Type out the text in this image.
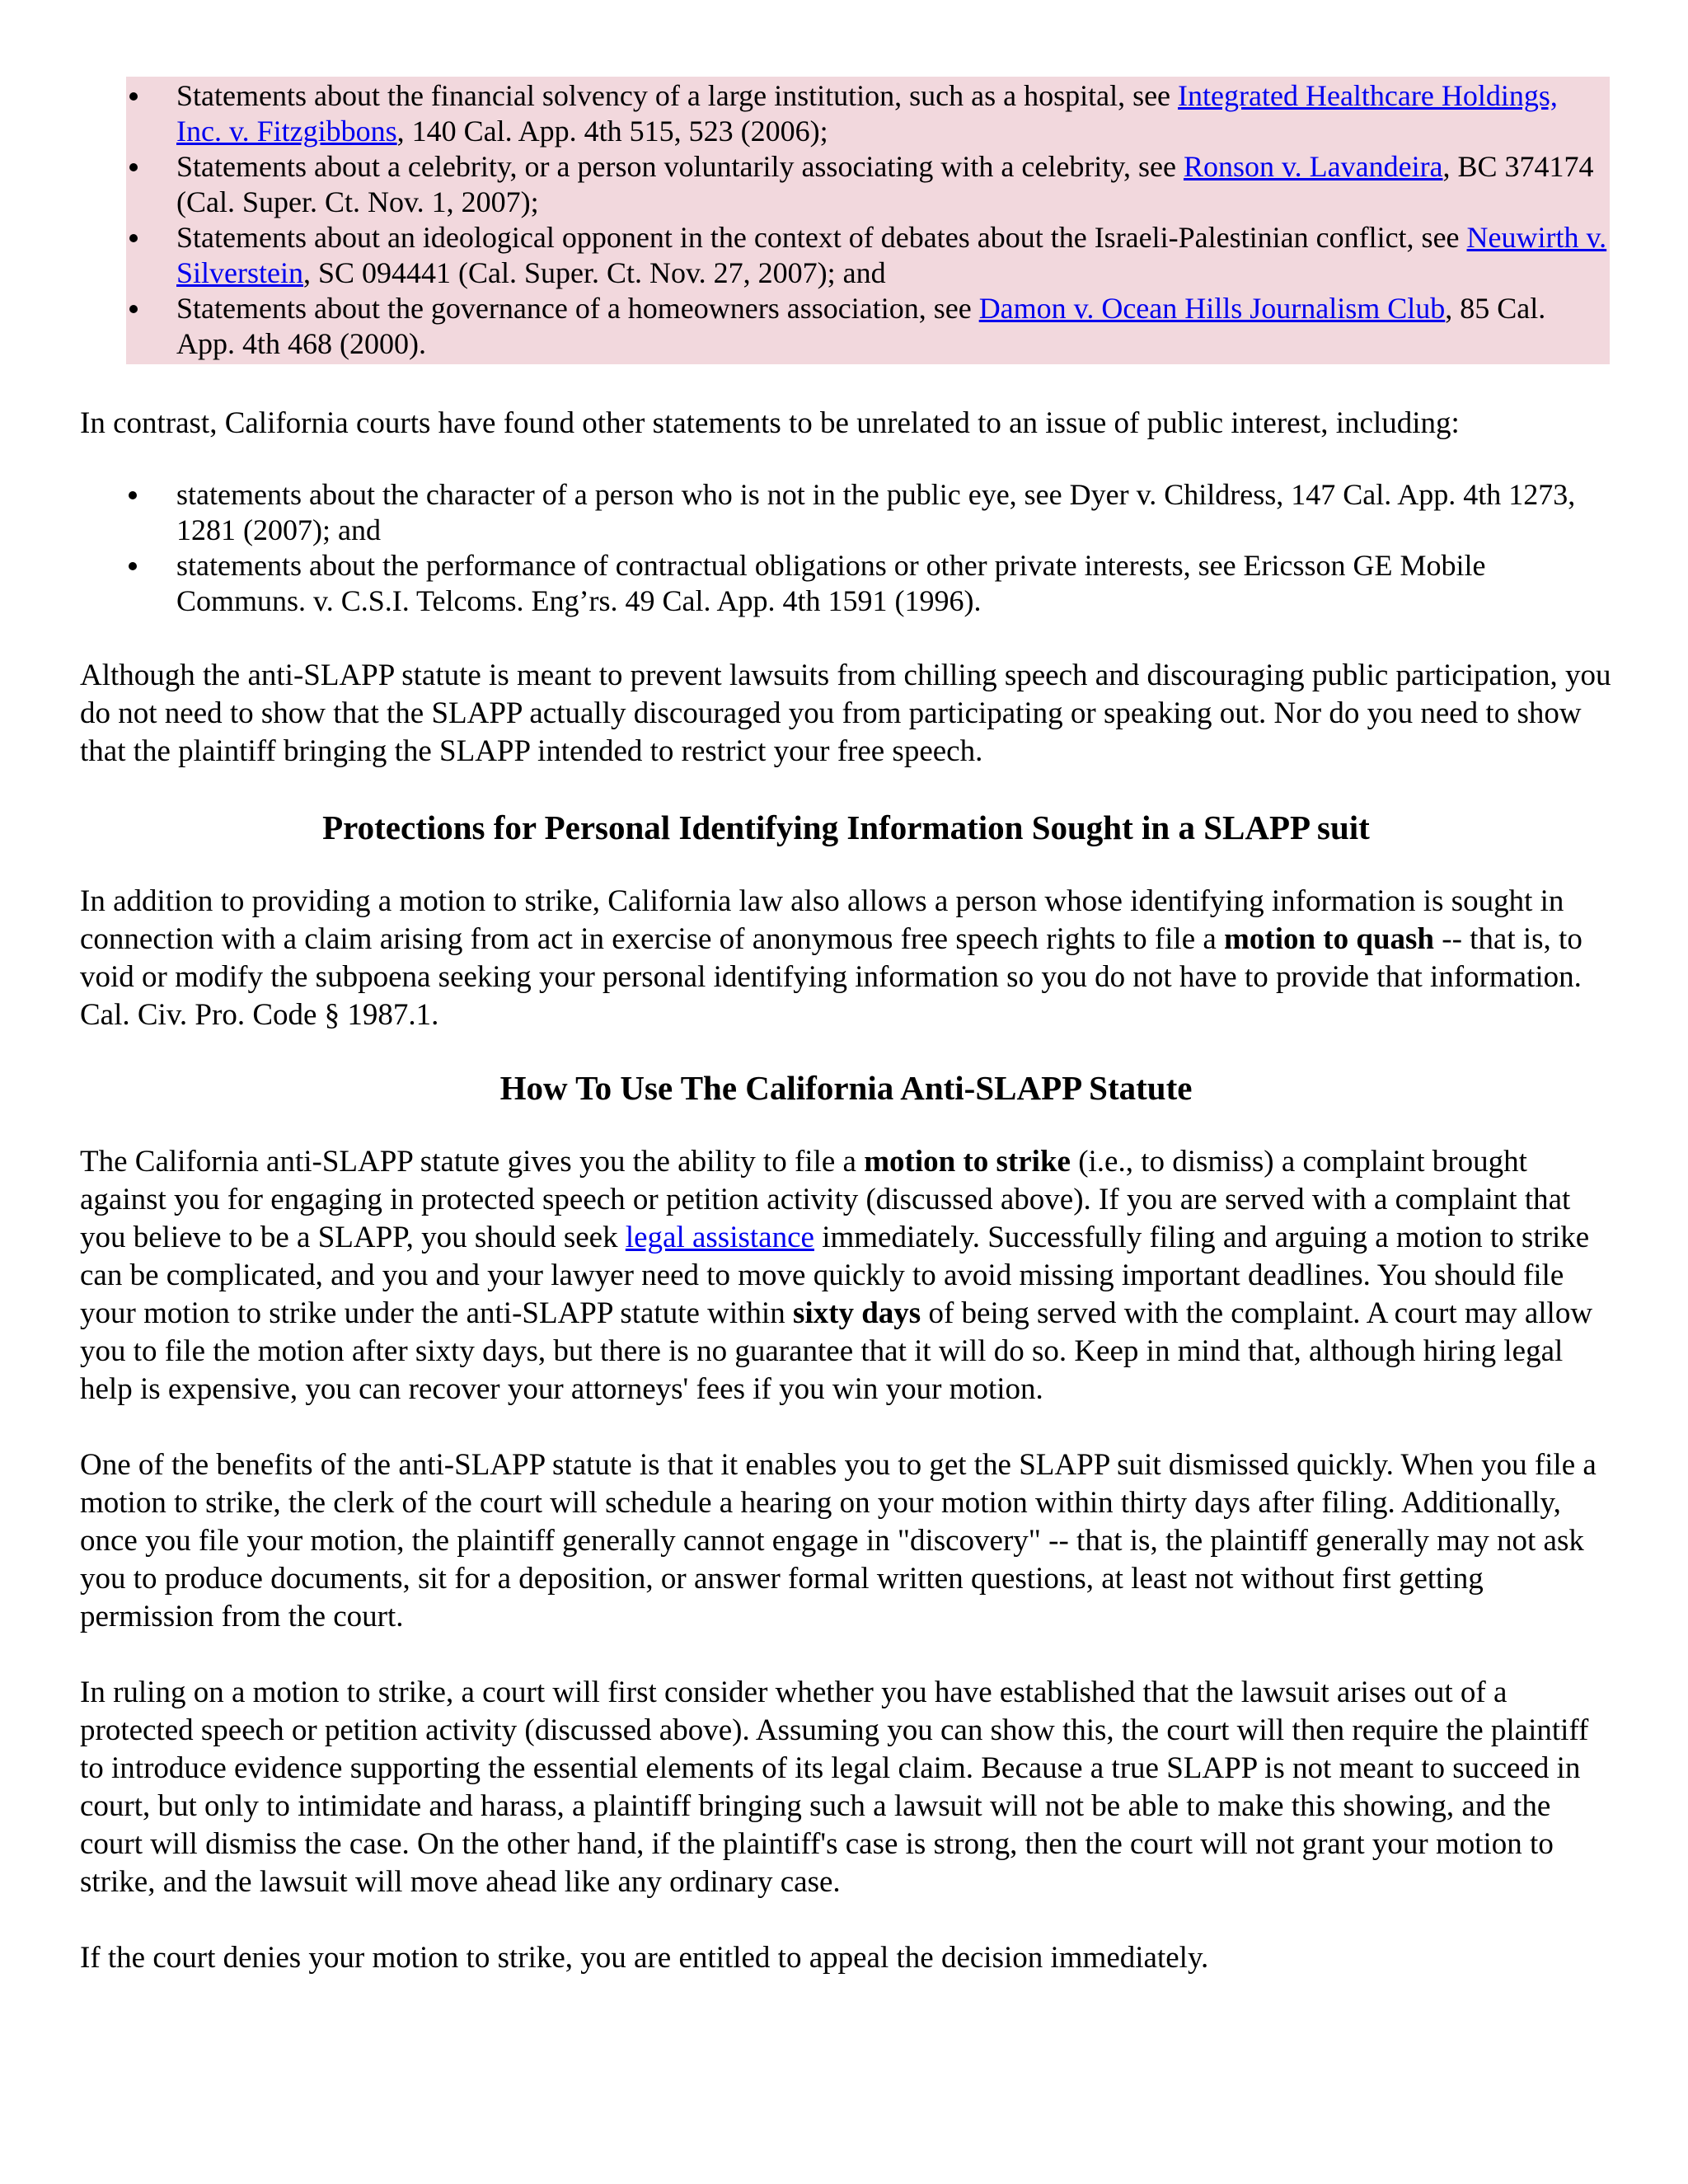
Statements about the financial solvency of a large institution, such as a hospital, see Integrated Healthcare Holdings, Inc. v. Fitzgibbons, 140 Cal. App. 4th 515, 523 (2006);
Statements about a celebrity, or a person voluntarily associating with a celebrity, see Ronson v. Lavandeira, BC 374174 (Cal. Super. Ct. Nov. 1, 2007);
Statements about an ideological opponent in the context of debates about the Israeli-Palestinian conflict, see Neuwirth v. Silverstein, SC 094441 (Cal. Super. Ct. Nov. 27, 2007); and
Statements about the governance of a homeowners association, see Damon v. Ocean Hills Journalism Club, 85 Cal. App. 4th 468 (2000).

In contrast, California courts have found other statements to be unrelated to an issue of public interest, including:

statements about the character of a person who is not in the public eye, see Dyer v. Childress, 147 Cal. App. 4th 1273, 1281 (2007); and
statements about the performance of contractual obligations or other private interests, see Ericsson GE Mobile Communs. v. C.S.I. Telcoms. Eng’rs. 49 Cal. App. 4th 1591 (1996).

Although the anti-SLAPP statute is meant to prevent lawsuits from chilling speech and discouraging public participation, you do not need to show that the SLAPP actually discouraged you from participating or speaking out. Nor do you need to show that the plaintiff bringing the SLAPP intended to restrict your free speech.

Protections for Personal Identifying Information Sought in a SLAPP suit

In addition to providing a motion to strike, California law also allows a person whose identifying information is sought in connection with a claim arising from act in exercise of anonymous free speech rights to file a motion to quash -- that is, to void or modify the subpoena seeking your personal identifying information so you do not have to provide that information. Cal. Civ. Pro. Code § 1987.1.

How To Use The California Anti-SLAPP Statute

The California anti-SLAPP statute gives you the ability to file a motion to strike (i.e., to dismiss) a complaint brought against you for engaging in protected speech or petition activity (discussed above). If you are served with a complaint that you believe to be a SLAPP, you should seek legal assistance immediately. Successfully filing and arguing a motion to strike can be complicated, and you and your lawyer need to move quickly to avoid missing important deadlines. You should file your motion to strike under the anti-SLAPP statute within sixty days of being served with the complaint. A court may allow you to file the motion after sixty days, but there is no guarantee that it will do so. Keep in mind that, although hiring legal help is expensive, you can recover your attorneys' fees if you win your motion.

One of the benefits of the anti-SLAPP statute is that it enables you to get the SLAPP suit dismissed quickly. When you file a motion to strike, the clerk of the court will schedule a hearing on your motion within thirty days after filing. Additionally, once you file your motion, the plaintiff generally cannot engage in "discovery" -- that is, the plaintiff generally may not ask you to produce documents, sit for a deposition, or answer formal written questions, at least not without first getting permission from the court.

In ruling on a motion to strike, a court will first consider whether you have established that the lawsuit arises out of a protected speech or petition activity (discussed above). Assuming you can show this, the court will then require the plaintiff to introduce evidence supporting the essential elements of its legal claim. Because a true SLAPP is not meant to succeed in court, but only to intimidate and harass, a plaintiff bringing such a lawsuit will not be able to make this showing, and the court will dismiss the case. On the other hand, if the plaintiff's case is strong, then the court will not grant your motion to strike, and the lawsuit will move ahead like any ordinary case.

If the court denies your motion to strike, you are entitled to appeal the decision immediately.
